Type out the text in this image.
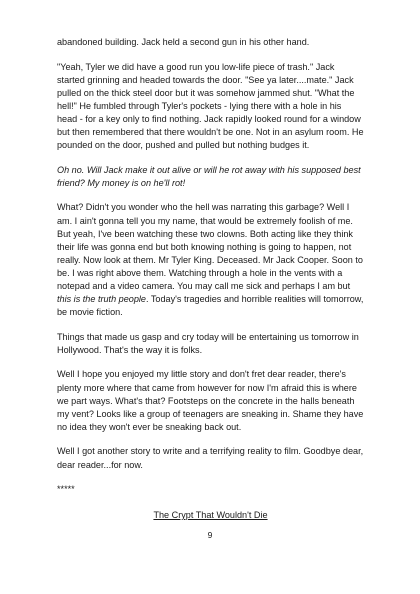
abandoned building. Jack held a second gun in his other hand.

"Yeah, Tyler we did have a good run you low-life piece of trash." Jack started grinning and headed towards the door. "See ya later....mate." Jack pulled on the thick steel door but it was somehow jammed shut. "What the hell!" He fumbled through Tyler's pockets - lying there with a hole in his head - for a key only to find nothing. Jack rapidly looked round for a window but then remembered that there wouldn't be one. Not in an asylum room. He pounded on the door, pushed and pulled but nothing budges it.

Oh no. Will Jack make it out alive or will he rot away with his supposed best friend? My money is on he'll rot!

What? Didn't you wonder who the hell was narrating this garbage? Well I am. I ain't gonna tell you my name, that would be extremely foolish of me. But yeah, I've been watching these two clowns. Both acting like they think their life was gonna end but both knowing nothing is going to happen, not really. Now look at them. Mr Tyler King. Deceased. Mr Jack Cooper. Soon to be. I was right above them. Watching through a hole in the vents with a notepad and a video camera. You may call me sick and perhaps I am but this is the truth people. Today's tragedies and horrible realities will tomorrow, be movie fiction.

Things that made us gasp and cry today will be entertaining us tomorrow in Hollywood. That's the way it is folks.

Well I hope you enjoyed my little story and don't fret dear reader, there's plenty more where that came from however for now I'm afraid this is where we part ways. What's that? Footsteps on the concrete in the halls beneath my vent? Looks like a group of teenagers are sneaking in. Shame they have no idea they won't ever be sneaking back out.

Well I got another story to write and a terrifying reality to film. Goodbye dear, dear reader...for now.

*****

The Crypt That Wouldn't Die

9
